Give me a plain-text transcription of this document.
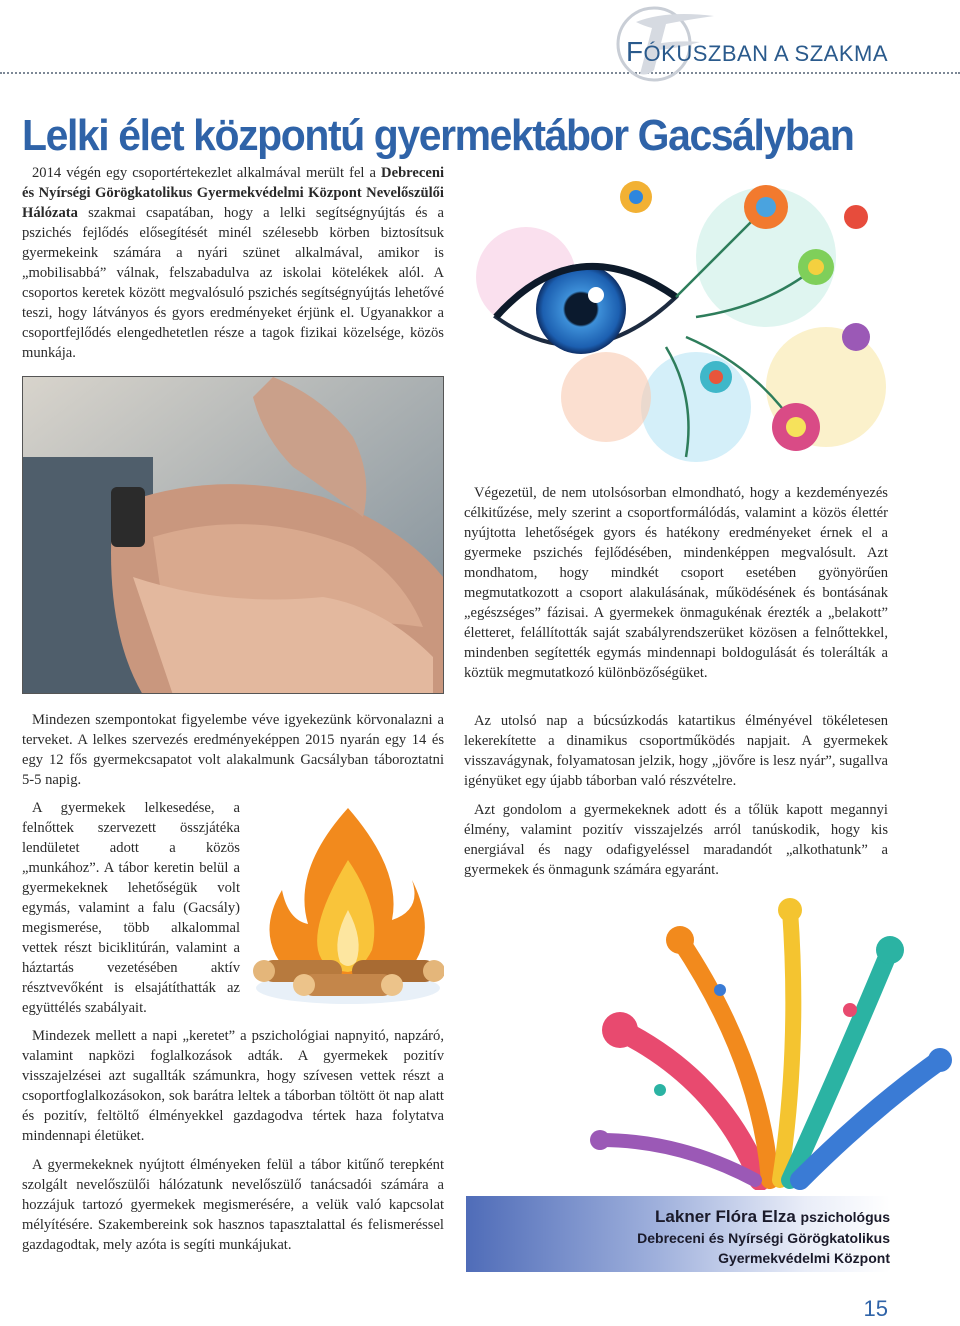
FÓKUSZBAN A SZAKMA
Lelki élet központú gyermektábor Gacsályban

2014 végén egy csoportértekezlet alkalmával merült fel a Debreceni és Nyírségi Görögkatolikus Gyermekvédelmi Központ Nevelőszülői Hálózata szakmai csapatában, hogy a lelki segítségnyújtás és a pszichés fejlődés elősegítését minél szélesebb körben biztosítsuk gyermekeink számára a nyári szünet alkalmával, amikor is „mobilisabbá” válnak, felszabadulva az iskolai kötelékek alól. A csoportos keretek között megvalósuló pszichés segítségnyújtás lehetővé teszi, hogy látványos és gyors eredményeket érjünk el. Ugyanakkor a csoportfejlődés elengedhetetlen része a tagok fizikai közelsége, közös munkája.

Mindezen szempontokat figyelembe véve igyekezünk körvonalazni a terveket. A lelkes szervezés eredményeképpen 2015 nyarán egy 14 és egy 12 fős gyermekcsapatot volt alakalmunk Gacsályban táboroztatni 5-5 napig.

A gyermekek lelkesedése, a felnőttek szervezett összjátéka lendületet adott a közös „munkához”. A tábor keretin belül a gyermekeknek lehetőségük volt egymás, valamint a falu (Gacsály) megismerése, több alkalommal vettek részt biciklitúrán, valamint a háztartás vezetésében aktív résztvevőként is elsajátíthatták az együttélés szabályait.

Mindezek mellett a napi „keretet” a pszichológiai napnyitó, napzáró, valamint napközi foglalkozások adták. A gyermekek pozitív visszajelzései azt sugallták számunkra, hogy szívesen vettek részt a csoportfoglalkozásokon, sok barátra leltek a táborban töltött öt nap alatt és pozitív, feltöltő élményekkel gazdagodva tértek haza folytatva mindennapi életüket.

A gyermekeknek nyújtott élményeken felül a tábor kitűnő terepként szolgált nevelőszülői hálózatunk nevelőszülő tanácsadói számára a hozzájuk tartozó gyermekek megismerésére, a velük való kapcsolat mélyítésére. Szakembereink sok hasznos tapasztalattal és felismeréssel gazdagodtak, mely azóta is segíti munkájukat.

Végezetül, de nem utolsósorban elmondható, hogy a kezdeményezés célkitűzése, mely szerint a csoportformálódás, valamint a közös élettér nyújtotta lehetőségek gyors és hatékony eredményeket érnek el a gyermeke pszichés fejlődésében, mindenképpen megvalósult. Azt mondhatom, hogy mindkét csoport esetében gyönyörűen megmutatkozott a csoport alakulásának, működésének és bontásának „egészséges” fázisai. A gyermekek önmagukénak érezték a „belakott” életteret, felállították saját szabályrendszerüket közösen a felnőttekkel, mindenben segítették egymás mindennapi boldogulását és tolerálták a köztük megmutatkozó különbözőségüket.

Az utolsó nap a búcsúzkodás katartikus élményével tökéletesen lekerekítette a dinamikus csoportműködés napjait. A gyermekek visszavágynak, folyamatosan jelzik, hogy „jövőre is lesz nyár”, sugallva igényüket egy újabb táborban való részvételre.

Azt gondolom a gyermekeknek adott és a tőlük kapott megannyi élmény, valamint pozitív visszajelzés arról tanúskodik, hogy kis energiával és nagy odafigyeléssel maradandót „alkothatunk” a gyermekek és önmagunk számára egyaránt.

Lakner Flóra Elza pszichológus
Debreceni és Nyírségi Görögkatolikus
Gyermekvédelmi Központ
15
